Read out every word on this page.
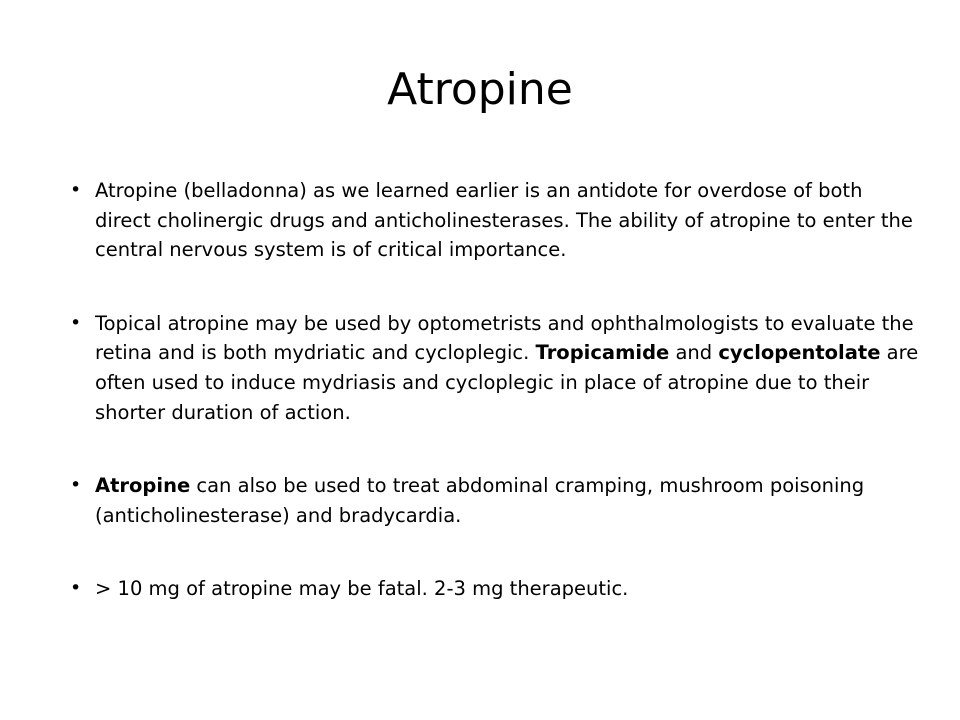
Atropine
• Atropine (belladonna) as we learned earlier is an antidote for overdose of both direct cholinergic drugs and anticholinesterases. The ability of atropine to enter the central nervous system is of critical importance.
• Topical atropine may be used by optometrists and ophthalmologists to evaluate the retina and is both mydriatic and cycloplegic. Tropicamide and cyclopentolate are often used to induce mydriasis and cycloplegic in place of atropine due to their shorter duration of action.
• Atropine can also be used to treat abdominal cramping, mushroom poisoning (anticholinesterase) and bradycardia.
• > 10 mg of atropine may be fatal. 2-3 mg therapeutic.
